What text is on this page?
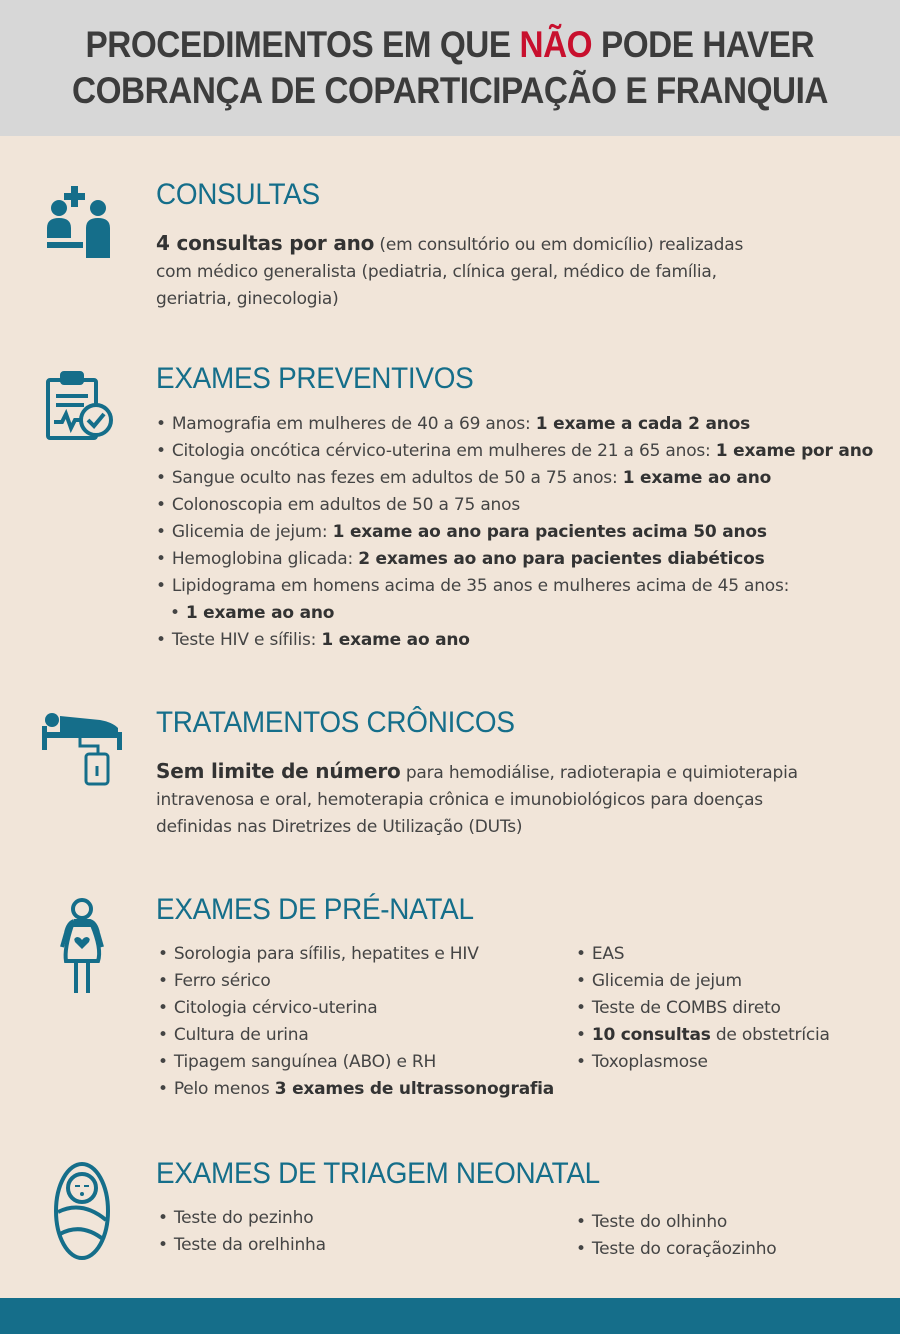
PROCEDIMENTOS EM QUE NÃO PODE HAVER
COBRANÇA DE COPARTICIPAÇÃO E FRANQUIA
CONSULTAS
4 consultas por ano (em consultório ou em domicílio) realizadas
com médico generalista (pediatria, clínica geral, médico de família,
geriatria, ginecologia)
EXAMES PREVENTIVOS
• Mamografia em mulheres de 40 a 69 anos: 1 exame a cada 2 anos
• Citologia oncótica cérvico-uterina em mulheres de 21 a 65 anos: 1 exame por ano
• Sangue oculto nas fezes em adultos de 50 a 75 anos: 1 exame ao ano
• Colonoscopia em adultos de 50 a 75 anos
• Glicemia de jejum: 1 exame ao ano para pacientes acima 50 anos
• Hemoglobina glicada: 2 exames ao ano para pacientes diabéticos
• Lipidograma em homens acima de 35 anos e mulheres acima de 45 anos:
• 1 exame ao ano
• Teste HIV e sífilis: 1 exame ao ano
TRATAMENTOS CRÔNICOS
Sem limite de número para hemodiálise, radioterapia e quimioterapia
intravenosa e oral, hemoterapia crônica e imunobiológicos para doenças
definidas nas Diretrizes de Utilização (DUTs)
EXAMES DE PRÉ-NATAL
• Sorologia para sífilis, hepatites e HIV
• Ferro sérico
• Citologia cérvico-uterina
• Cultura de urina
• Tipagem sanguínea (ABO) e RH
• Pelo menos 3 exames de ultrassonografia
• EAS
• Glicemia de jejum
• Teste de COMBS direto
• 10 consultas de obstetrícia
• Toxoplasmose
EXAMES DE TRIAGEM NEONATAL
• Teste do pezinho
• Teste da orelhinha
• Teste do olhinho
• Teste do coraçãozinho
